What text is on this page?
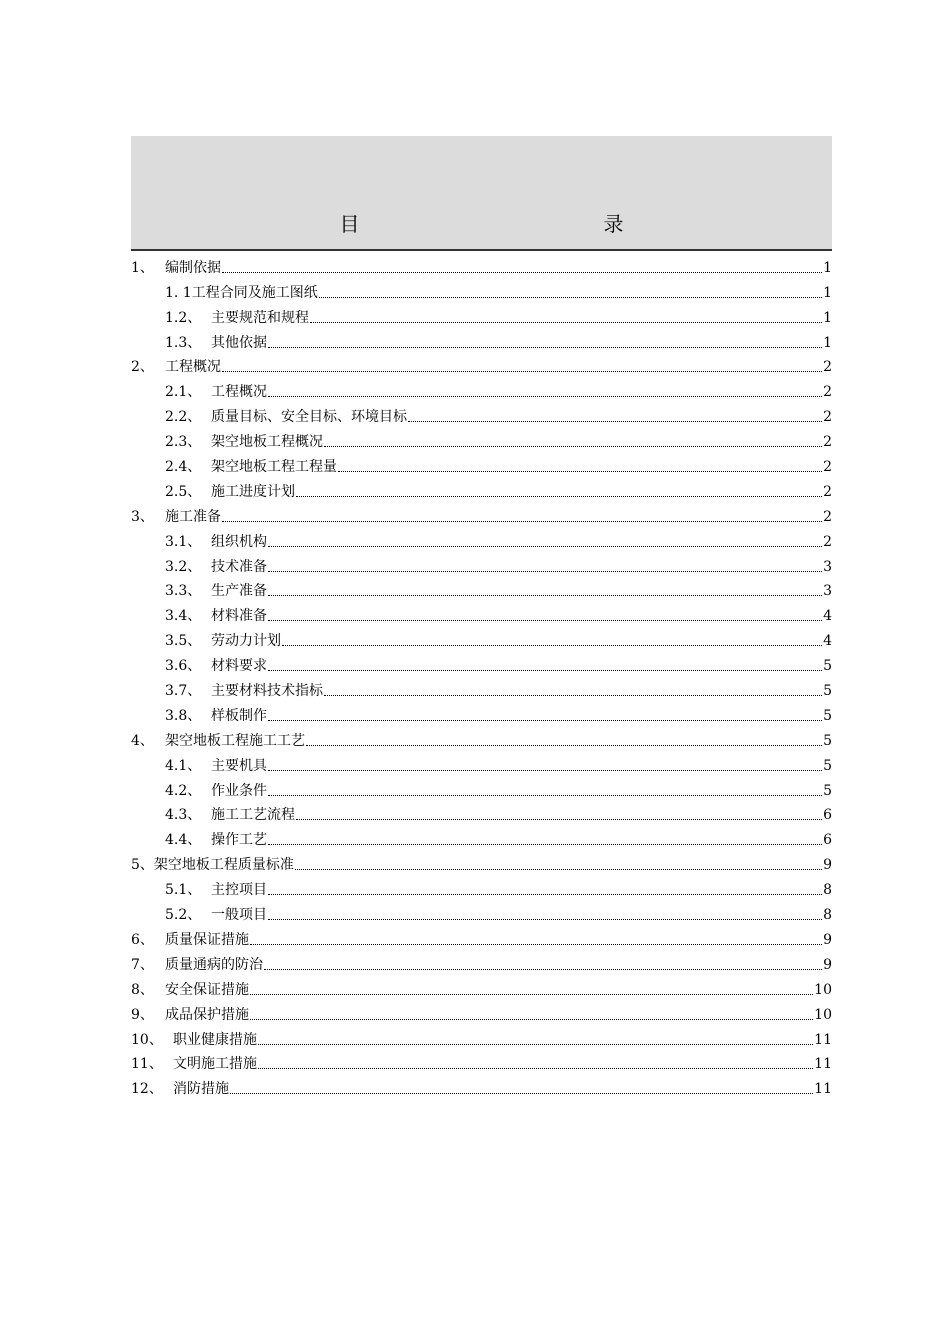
目　　录
1、 编制依据	1
1. 1 工程合同及施工图纸	1
1.2、 主要规范和规程	1
1.3、 其他依据	1
2、 工程概况	2
2.1、 工程概况	2
2.2、 质量目标、安全目标、环境目标	2
2.3、 架空地板工程概况	2
2.4、 架空地板工程工程量	2
2.5、 施工进度计划	2
3、 施工准备	2
3.1、 组织机构	2
3.2、 技术准备	3
3.3、 生产准备	3
3.4、 材料准备	4
3.5、 劳动力计划	4
3.6、 材料要求	5
3.7、 主要材料技术指标	5
3.8、 样板制作	5
4、 架空地板工程施工工艺	5
4.1、 主要机具	5
4.2、 作业条件	5
4.3、 施工工艺流程	6
4.4、 操作工艺	6
5、 架空地板工程质量标准	9
5.1、 主控项目	8
5.2、 一般项目	8
6、 质量保证措施	9
7、 质量通病的防治	9
8、 安全保证措施	10
9、 成品保护措施	10
10、 职业健康措施	11
11、 文明施工措施	11
12、 消防措施	11
